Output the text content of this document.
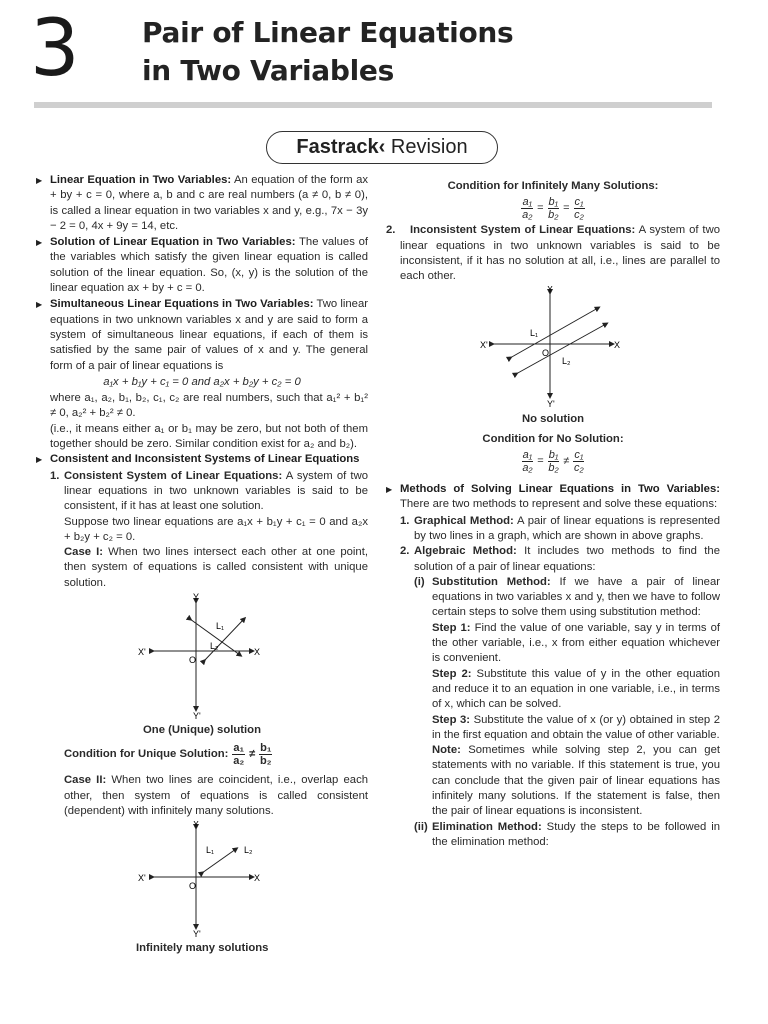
3 Pair of Linear Equations
in Two Variables
Fastrack‹ Revision
▶ Linear Equation in Two Variables: An equation of the form ax + by + c = 0, where a, b and c are real numbers (a ≠ 0, b ≠ 0), is called a linear equation in two variables x and y, e.g., 7x − 3y − 2 = 0, 4x + 9y = 14, etc.
▶ Solution of Linear Equation in Two Variables: The values of the variables which satisfy the given linear equation is called solution of the linear equation. So, (x, y) is the solution of the linear equation ax + by + c = 0.
▶ Simultaneous Linear Equations in Two Variables: Two linear equations in two unknown variables x and y are said to form a system of simultaneous linear equations, if each of them is satisfied by the same pair of values of x and y. The general form of a pair of linear equations is
a₁x + b₁y + c₁ = 0 and a₂x + b₂y + c₂ = 0
where a₁, a₂, b₁, b₂, c₁, c₂ are real numbers, such that a₁² + b₁² ≠ 0, a₂² + b₂² ≠ 0.
(i.e., it means either a₁ or b₁ may be zero, but not both of them together should be zero. Similar condition exist for a₂ and b₂).
▶ Consistent and Inconsistent Systems of Linear Equations
1. Consistent System of Linear Equations: A system of two linear equations in two unknown variables is said to be consistent, if it has at least one solution.
Suppose two linear equations are a₁x + b₁y + c₁ = 0 and a₂x + b₂y + c₂ = 0.
Case I: When two lines intersect each other at one point, then system of equations is called consistent with unique solution.
Y
Y'
X
X'
O
L₁
L₂
One (Unique) solution
Condition for Unique Solution: $\frac{\text{a₁}}{\text{a₂}} \ne \frac{\text{b₁}}{\text{b₂}}$
Case II: When two lines are coincident, i.e., overlap each other, then system of equations is called consistent (dependent) with infinitely many solutions.
Y
Y'
X
X'
O
L₁	L₂
Infinitely many solutions
Condition for Infinitely Many Solutions:
$\frac{\text{a₁}}{\text{a₂}} = \frac{\text{b₁}}{\text{b₂}} = \frac{\text{c₁}}{\text{c₂}}$
2. Inconsistent System of Linear Equations: A system of two linear equations in two unknown variables is said to be inconsistent, if it has no solution at all, i.e., lines are parallel to each other.
Y
Y'
X
X'
O
L₁
L₂
No solution
Condition for No Solution:
$\frac{\text{a₁}}{\text{a₂}} = \frac{\text{b₁}}{\text{b₂}} \ne \frac{\text{c₁}}{\text{c₂}}$
▶ Methods of Solving Linear Equations in Two Variables: There are two methods to represent and solve these equations:
1. Graphical Method: A pair of linear equations is represented by two lines in a graph, which are shown in above graphs.
2. Algebraic Method: It includes two methods to find the solution of a pair of linear equations:
(i) Substitution Method: If we have a pair of linear equations in two variables x and y, then we have to follow certain steps to solve them using substitution method:
Step 1: Find the value of one variable, say y in terms of the other variable, i.e., x from either equation whichever is convenient.
Step 2: Substitute this value of y in the other equation and reduce it to an equation in one variable, i.e., in terms of x, which can be solved.
Step 3: Substitute the value of x (or y) obtained in step 2 in the first equation and obtain the value of other variable.
Note: Sometimes while solving step 2, you can get statements with no variable. If this statement is true, you can conclude that the given pair of linear equations has infinitely many solutions. If the statement is false, then the pair of linear equations is inconsistent.
(ii) Elimination Method: Study the steps to be followed in the elimination method:
